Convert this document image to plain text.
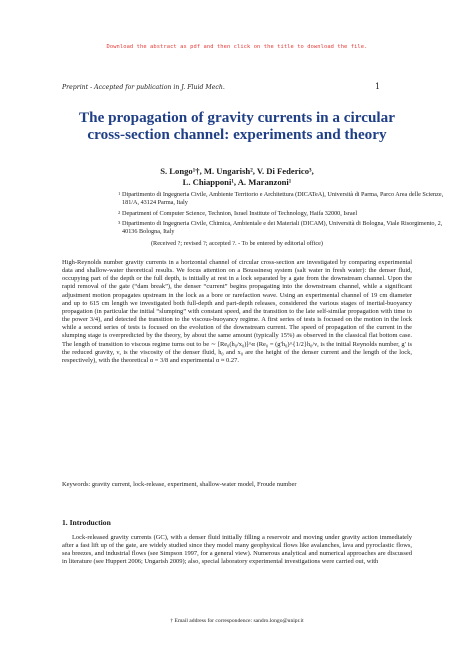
Download the abstract as pdf and then click on the title to download the file.
Preprint - Accepted for publication in J. Fluid Mech.	1
The propagation of gravity currents in a circular cross-section channel: experiments and theory
S. Longo¹†, M. Ungarish², V. Di Federico³,
L. Chiapponi¹, A. Maranzoni¹
1 Dipartimento di Ingegneria Civile, Ambiente Territorio e Architettura (DICATeA), Università di Parma, Parco Area delle Scienze, 181/A, 43124 Parma, Italy
2 Department of Computer Science, Technion, Israel Institute of Technology, Haifa 32000, Israel
3 Dipartimento di Ingegneria Civile, Chimica, Ambientale e dei Materiali (DICAM), Università di Bologna, Viale Risorgimento, 2, 40136 Bologna, Italy
(Received ?; revised ?; accepted ?. - To be entered by editorial office)
High-Reynolds number gravity currents in a horizontal channel of circular cross-section are investigated by comparing experimental data and shallow-water theoretical results. We focus attention on a Boussinesq system (salt water in fresh water): the denser fluid, occupying part of the depth or the full depth, is initially at rest in a lock separated by a gate from the downstream channel. Upon the rapid removal of the gate (“dam break”), the denser “current” begins propagating into the downstream channel, while a significant adjustment motion propagates upstream in the lock as a bore or rarefaction wave. Using an experimental channel of 19 cm diameter and up to 615 cm length we investigated both full-depth and part-depth releases, considered the various stages of inertial-buoyancy propagation (in particular the initial “slumping” with constant speed, and the transition to the late self-similar propagation with time to the power 3/4), and detected the transition to the viscous-buoyancy regime. A first series of tests is focused on the motion in the lock while a second series of tests is focused on the evolution of the downstream current. The speed of propagation of the current in the slumping stage is overpredicted by the theory, by about the same amount (typically 15%) as observed in the classical flat bottom case. The length of transition to viscous regime turns out to be ∼ [Re₀(h₀/x₀)]^α (Re₀ = (g′h₀)^{1/2}h₀/ν, is the initial Reynolds number, g′ is the reduced gravity, ν, is the viscosity of the denser fluid, h₀ and x₀ are the height of the denser current and the length of the lock, respectively), with the theoretical α = 3/8 and experimental α ≈ 0.27.
Keywords: gravity current, lock-release, experiment, shallow-water model, Froude number
1. Introduction
Lock-released gravity currents (GC), with a denser fluid initially filling a reservoir and moving under gravity action immediately after a fast lift up of the gate, are widely studied since they model many geophysical flows like avalanches, lava and pyroclastic flows, sea breezes, and industrial flows (see Simpson 1997, for a general view). Numerous analytical and numerical approaches are discussed in literature (see Huppert 2006; Ungarish 2009); also, special laboratory experimental investigations were carried out, with
† Email address for correspondence: sandro.longo@unipr.it
